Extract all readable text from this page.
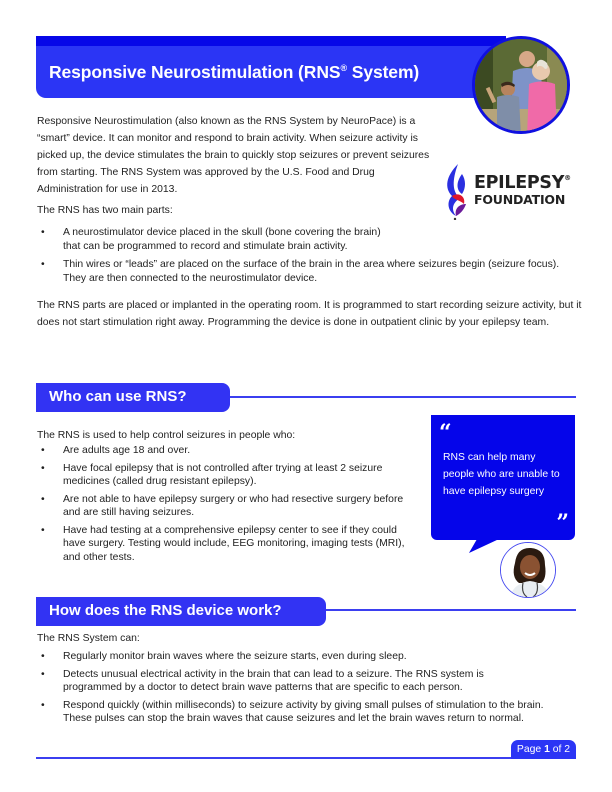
Responsive Neurostimulation (RNS® System)

Responsive Neurostimulation (also known as the RNS System by NeuroPace) is a “smart” device. It can monitor and respond to brain activity. When seizure activity is picked up, the device stimulates the brain to quickly stop seizures or prevent seizures from starting. The RNS System was approved by the U.S. Food and Drug Administration for use in 2013.	EPILEPSY®
FOUNDATION

The RNS has two main parts:

• A neurostimulator device placed in the skull (bone covering the brain) that can be programmed to record and stimulate brain activity.
• Thin wires or “leads” are placed on the surface of the brain in the area where seizures begin (seizure focus). They are then connected to the neurostimulator device.

The RNS parts are placed or implanted in the operating room. It is programmed to start recording seizure activity, but it does not start stimulation right away. Programming the device is done in outpatient clinic by your epilepsy team.

Who can use RNS?

The RNS is used to help control seizures in people who:

• Are adults age 18 and over.
• Have focal epilepsy that is not controlled after trying at least 2 seizure medicines (called drug resistant epilepsy).
• Are not able to have epilepsy surgery or who had resective surgery before and are still having seizures.
• Have had testing at a comprehensive epilepsy center to see if they could have surgery. Testing would include, EEG monitoring, imaging tests (MRI), and other tests.
“

RNS can help many people who are unable to have epilepsy surgery

”
How does the RNS device work?

The RNS System can:

• Regularly monitor brain waves where the seizure starts, even during sleep.
• Detects unusual electrical activity in the brain that can lead to a seizure. The RNS system is programmed by a doctor to detect brain wave patterns that are specific to each person.
• Respond quickly (within milliseconds) to seizure activity by giving small pulses of stimulation to the brain. These pulses can stop the brain waves that cause seizures and let the brain waves return to normal.
Page 1 of 2
